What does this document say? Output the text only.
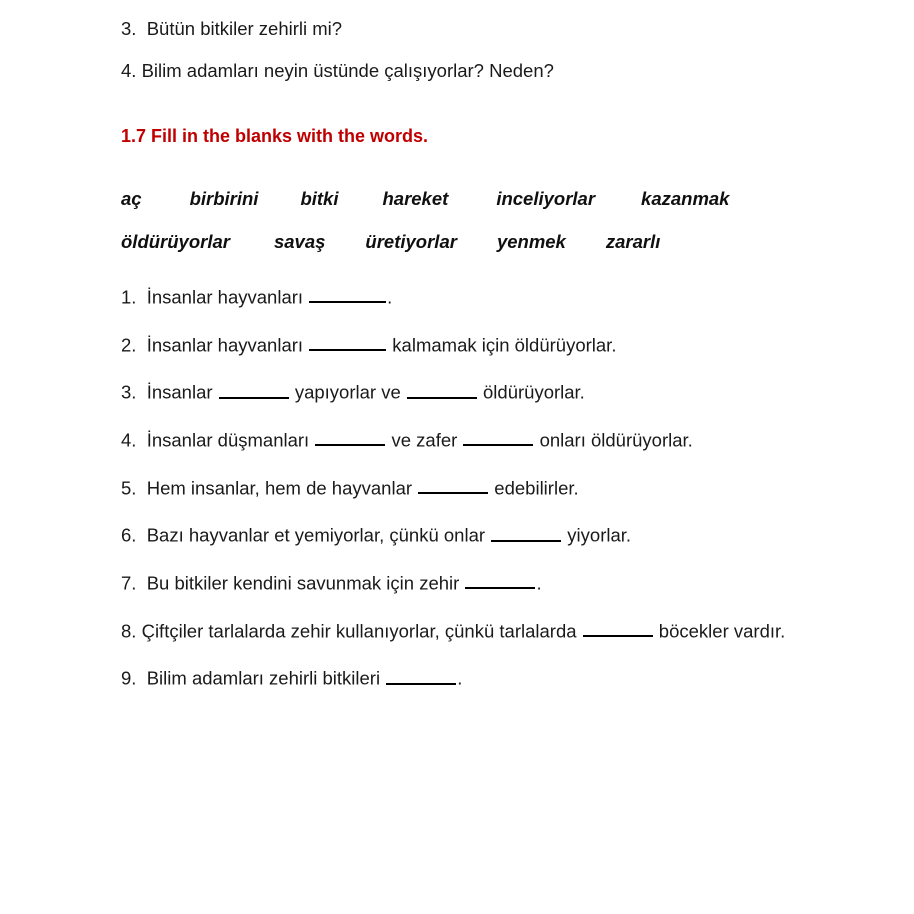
3.  Bütün bitkiler zehirli mi?
4. Bilim adamları neyin üstünde çalışıyorlar? Neden?
1.7 Fill in the blanks with the words.
aç	birbirini bitki hareket	inceliyorlar kazanmak
öldürüyorlar savaş üretiyorlar yenmek zararlı
1.  İnsanlar hayvanları	.
2.  İnsanlar hayvanları	kalmamak için öldürüyorlar.
3.  İnsanlar	yapıyorlar ve	öldürüyorlar.
4.  İnsanlar düşmanları	ve zafer	onları öldürüyorlar.
5.  Hem insanlar, hem de hayvanlar	edebilirler.
6.  Bazı hayvanlar et yemiyorlar, çünkü onlar	yiyorlar.
7.  Bu bitkiler kendini savunmak için zehir	.
8. Çiftçiler tarlalarda zehir kullanıyorlar, çünkü tarlalarda	böcekler vardır.
9.  Bilim adamları zehirli bitkileri	.
